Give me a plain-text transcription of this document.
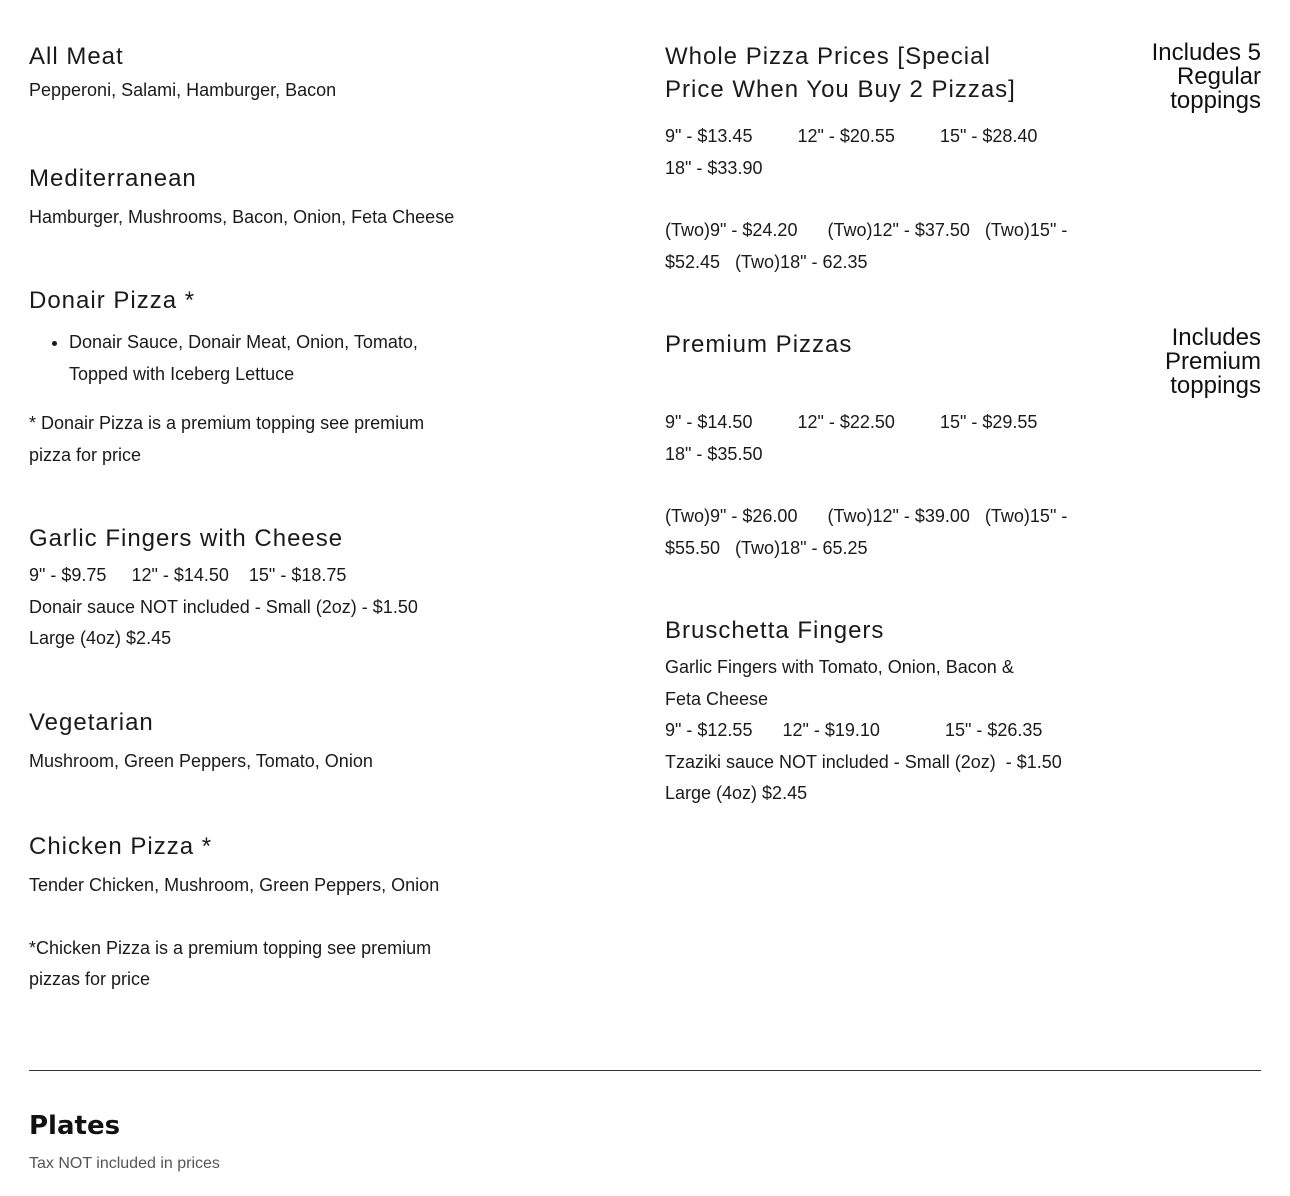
All Meat

Pepperoni, Salami, Hamburger, Bacon

Mediterranean

Hamburger, Mushrooms, Bacon, Onion, Feta Cheese

Donair Pizza *
• Donair Sauce, Donair Meat, Onion, Tomato, Topped with Iceberg Lettuce

* Donair Pizza is a premium topping see premium pizza for price

Garlic Fingers with Cheese

9" - $9.75     12" - $14.50    15" - $18.75

Donair sauce NOT included - Small (2oz) - $1.50

Large (4oz) $2.45

Vegetarian

Mushroom, Green Peppers, Tomato, Onion

Chicken Pizza *

Tender Chicken, Mushroom, Green Peppers, Onion

*Chicken Pizza is a premium topping see premium pizzas for price

Whole Pizza Prices [Special Price When You Buy 2 Pizzas]

9" - $13.45         12" - $20.55         15" - $28.40

18" - $33.90

(Two)9" - $24.20      (Two)12" - $37.50   (Two)15" -

$52.45   (Two)18" - 62.35

Premium Pizzas

9" - $14.50         12" - $22.50         15" - $29.55

18" - $35.50

(Two)9" - $26.00      (Two)12" - $39.00   (Two)15" -

$55.50   (Two)18" - 65.25

Bruschetta Fingers

Garlic Fingers with Tomato, Onion, Bacon & Feta Cheese

9" - $12.55      12" - $19.10             15" - $26.35

Tzaziki sauce NOT included - Small (2oz)  - $1.50

Large (4oz) $2.45

Includes 5 Regular toppings
Includes Premium toppings
Plates

Tax NOT included in prices
